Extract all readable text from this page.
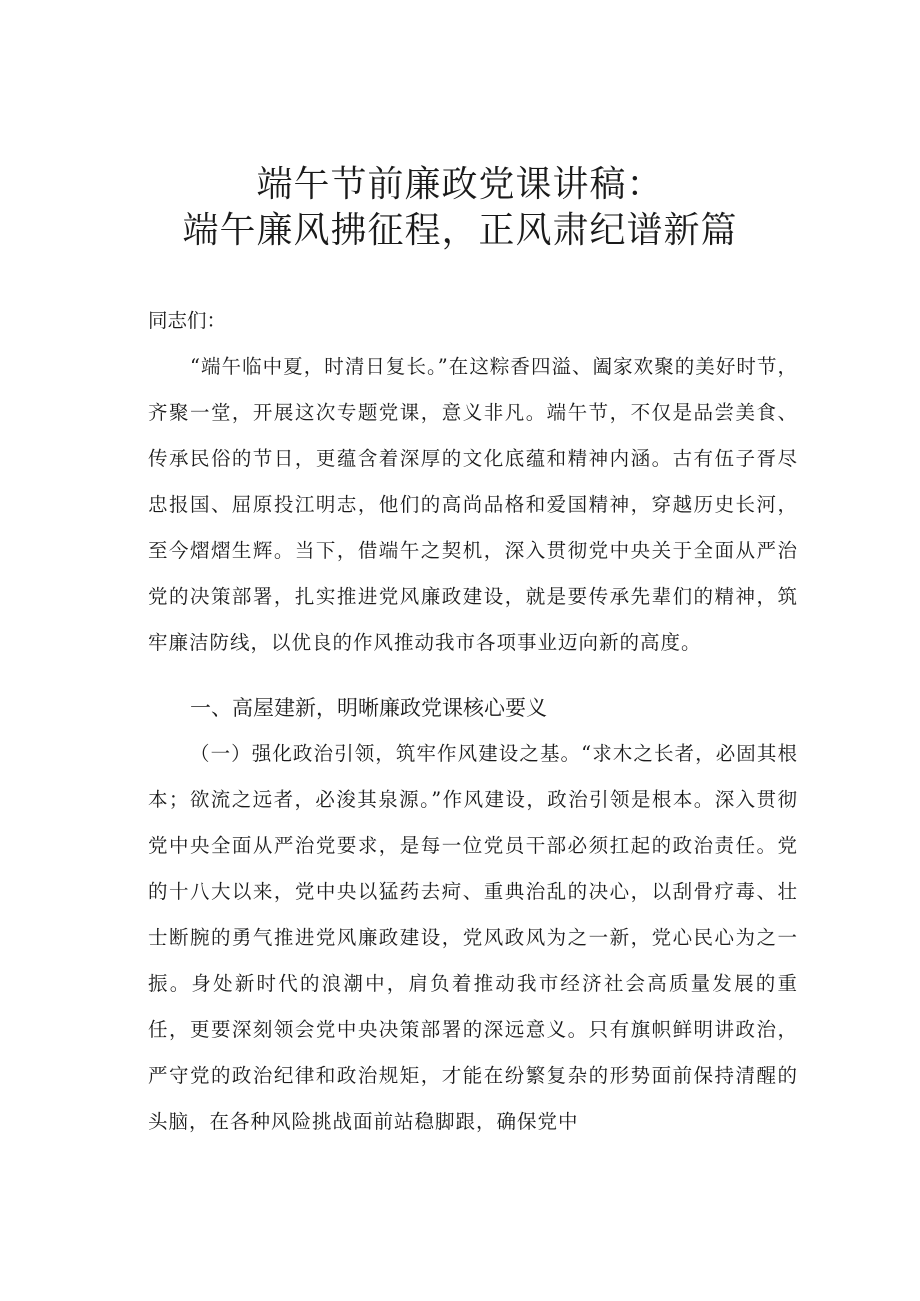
端午节前廉政党课讲稿：
端午廉风拂征程，正风肃纪谱新篇
同志们：
“端午临中夏，时清日复长。”在这粽香四溢、阖家欢聚的美好时节，齐聚一堂，开展这次专题党课，意义非凡。端午节，不仅是品尝美食、传承民俗的节日，更蕴含着深厚的文化底蕴和精神内涵。古有伍子胥尽忠报国、屈原投江明志，他们的高尚品格和爱国精神，穿越历史长河，至今熠熠生辉。当下，借端午之契机，深入贯彻党中央关于全面从严治党的决策部署，扎实推进党风廉政建设，就是要传承先辈们的精神，筑牢廉洁防线，以优良的作风推动我市各项事业迈向新的高度。
一、高屋建新，明晰廉政党课核心要义
（一）强化政治引领，筑牢作风建设之基。“求木之长者，必固其根本；欲流之远者，必浚其泉源。”作风建设，政治引领是根本。深入贯彻党中央全面从严治党要求，是每一位党员干部必须扛起的政治责任。党的十八大以来，党中央以猛药去疴、重典治乱的决心，以刮骨疗毒、壮士断腕的勇气推进党风廉政建设，党风政风为之一新，党心民心为之一振。身处新时代的浪潮中，肩负着推动我市经济社会高质量发展的重任，更要深刻领会党中央决策部署的深远意义。只有旗帜鲜明讲政治，严守党的政治纪律和政治规矩，才能在纷繁复杂的形势面前保持清醒的头脑，在各种风险挑战面前站稳脚跟，确保党中
